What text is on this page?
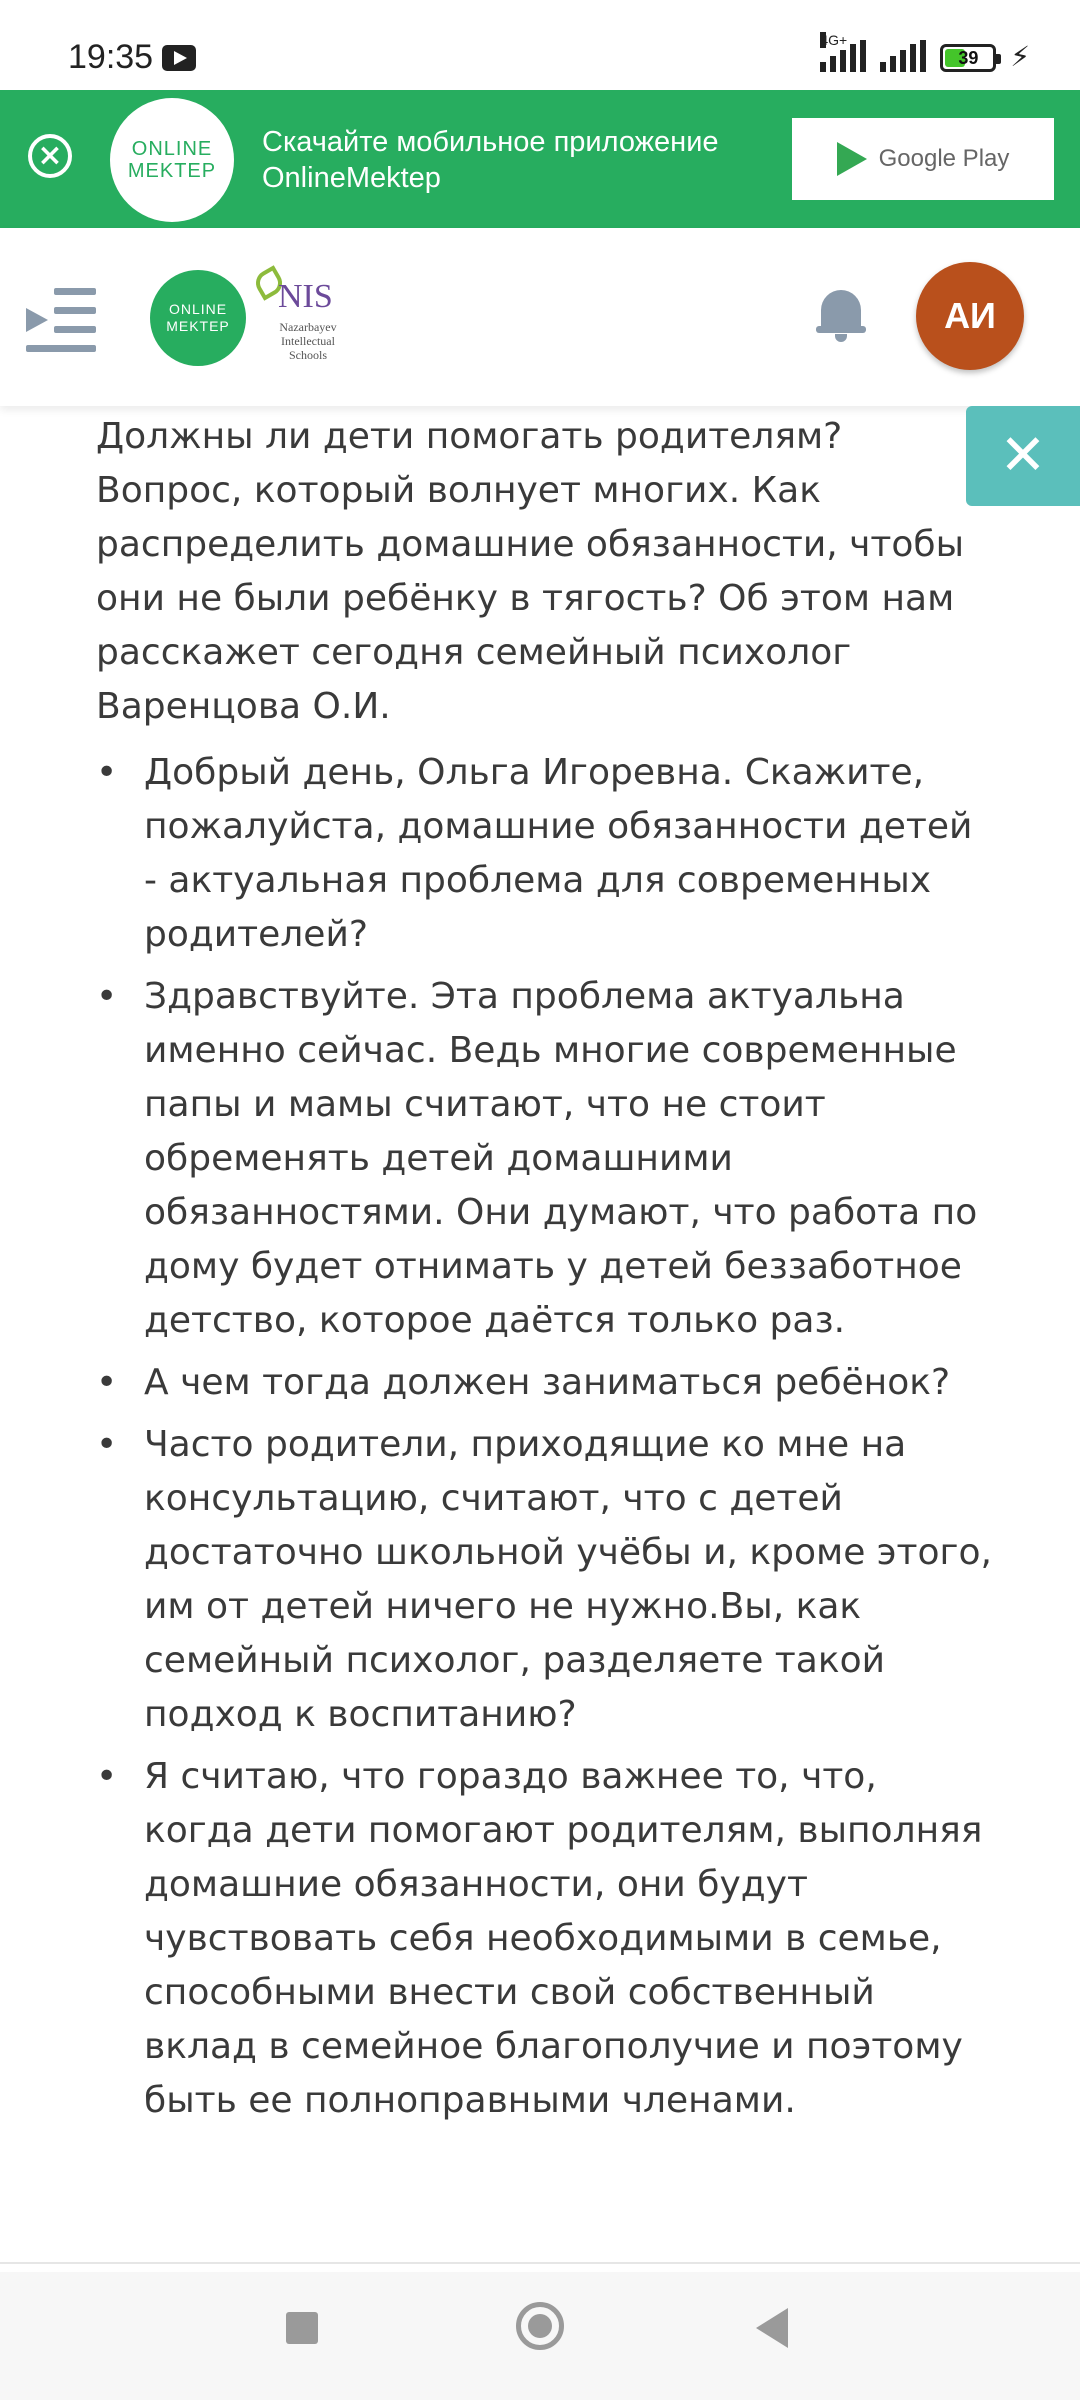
19:35	4G+
39	⚡
×	ONLINE
MEKTEP
Скачайте мобильное приложение
OnlineMektep
Google Play
ONLINE
MEKTEP
NIS
Nazarbayev Intellectual Schools
АИ
✕

Должны ли дети помогать родителям? Вопрос, который волнует многих. Как распределить домашние обязанности, чтобы они не были ребёнку в тягость? Об этом нам расскажет сегодня семейный психолог Варенцова О.И.

• Добрый день, Ольга Игоревна. Скажите, пожалуйста, домашние обязанности детей - актуальная проблема для современных родителей?
• Здравствуйте. Эта проблема актуальна именно сейчас. Ведь многие современные папы и мамы считают, что не стоит обременять детей домашними обязанностями. Они думают, что работа по дому будет отнимать у детей беззаботное детство, которое даётся только раз.
• А чем тогда должен заниматься ребёнок?
• Часто родители, приходящие ко мне на консультацию, считают, что с детей достаточно школьной учёбы и, кроме этого, им от детей ничего не нужно.Вы, как семейный психолог, разделяете такой подход к воспитанию?
• Я считаю, что гораздо важнее то, что, когда дети помогают родителям, выполняя домашние обязанности, они будут чувствовать себя необходимыми в семье, способными внести свой собственный вклад в семейное благополучие и поэтому быть ее полноправными членами.
